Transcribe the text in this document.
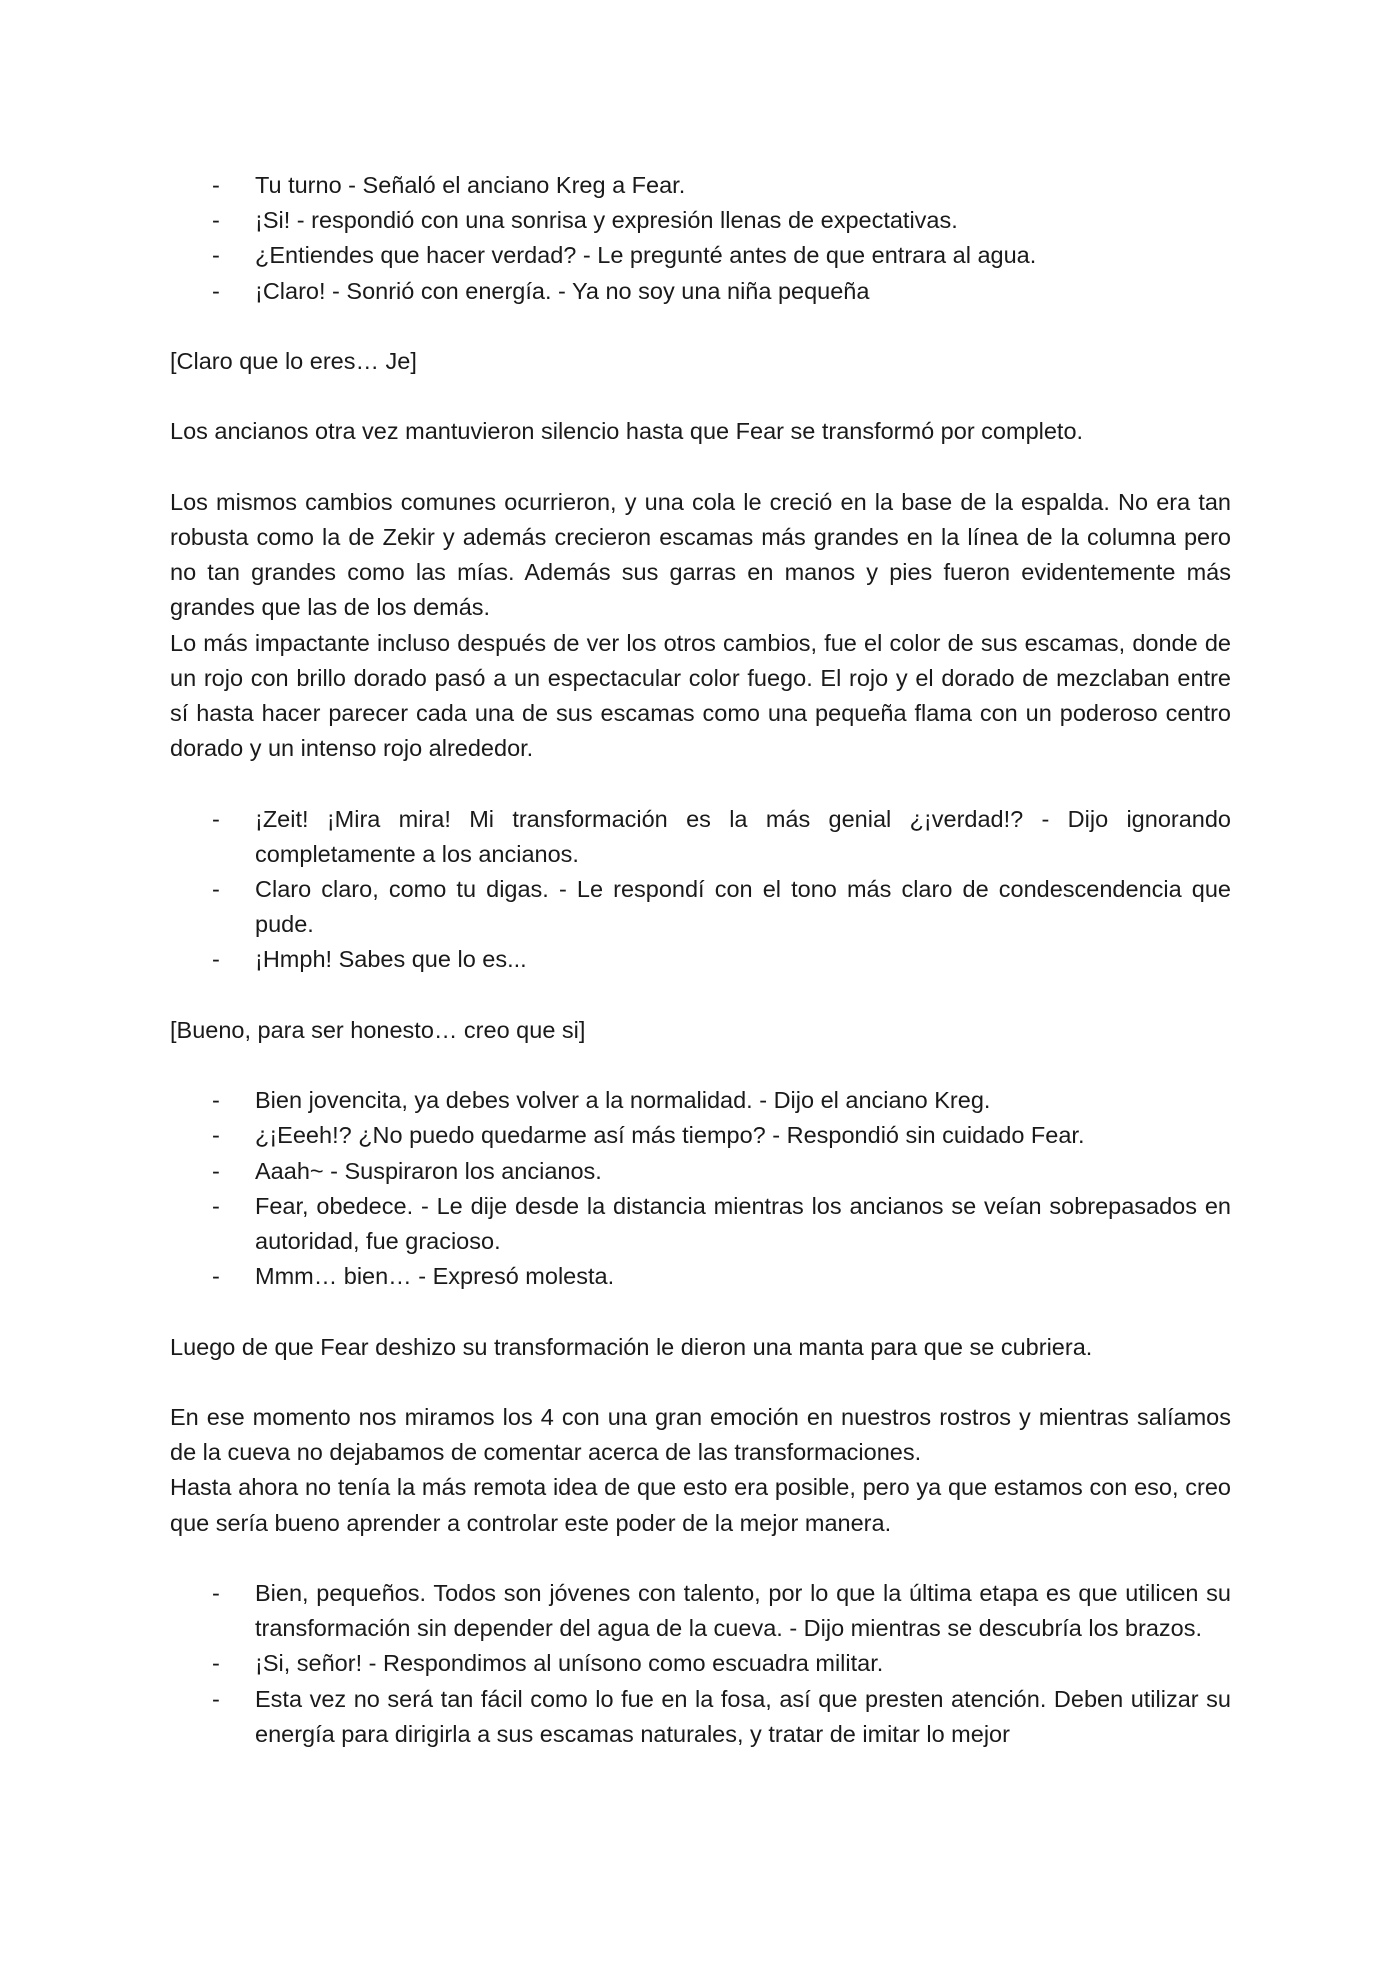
- Tu turno - Señaló el anciano Kreg a Fear.
- ¡Si! - respondió con una sonrisa y expresión llenas de expectativas.
- ¿Entiendes que hacer verdad? - Le pregunté antes de que entrara al agua.
- ¡Claro! - Sonrió con energía. - Ya no soy una niña pequeña

[Claro que lo eres… Je]

Los ancianos otra vez mantuvieron silencio hasta que Fear se transformó por completo.

Los mismos cambios comunes ocurrieron, y una cola le creció en la base de la espalda. No era tan robusta como la de Zekir y además crecieron escamas más grandes en la línea de la columna pero no tan grandes como las mías. Además sus garras en manos y pies fueron evidentemente más grandes que las de los demás.

Lo más impactante incluso después de ver los otros cambios, fue el color de sus escamas, donde de un rojo con brillo dorado pasó a un espectacular color fuego. El rojo y el dorado de mezclaban entre sí hasta hacer parecer cada una de sus escamas como una pequeña flama con un poderoso centro dorado y un intenso rojo alrededor.

- ¡Zeit! ¡Mira mira! Mi transformación es la más genial ¿¡verdad!? - Dijo ignorando completamente a los ancianos.
- Claro claro, como tu digas. - Le respondí con el tono más claro de condescendencia que pude.
- ¡Hmph! Sabes que lo es...

[Bueno, para ser honesto… creo que si]

- Bien jovencita, ya debes volver a la normalidad. - Dijo el anciano Kreg.
- ¿¡Eeeh!? ¿No puedo quedarme así más tiempo? - Respondió sin cuidado Fear.
- Aaah~ - Suspiraron los ancianos.
- Fear, obedece. - Le dije desde la distancia mientras los ancianos se veían sobrepasados en autoridad, fue gracioso.
- Mmm… bien… - Expresó molesta.

Luego de que Fear deshizo su transformación le dieron una manta para que se cubriera.

En ese momento nos miramos los 4 con una gran emoción en nuestros rostros y mientras salíamos de la cueva no dejabamos de comentar acerca de las transformaciones.

Hasta ahora no tenía la más remota idea de que esto era posible, pero ya que estamos con eso, creo que sería bueno aprender a controlar este poder de la mejor manera.

- Bien, pequeños. Todos son jóvenes con talento, por lo que la última etapa es que utilicen su transformación sin depender del agua de la cueva. - Dijo mientras se descubría los brazos.
- ¡Si, señor! - Respondimos al unísono como escuadra militar.
- Esta vez no será tan fácil como lo fue en la fosa, así que presten atención. Deben utilizar su energía para dirigirla a sus escamas naturales, y tratar de imitar lo mejor
